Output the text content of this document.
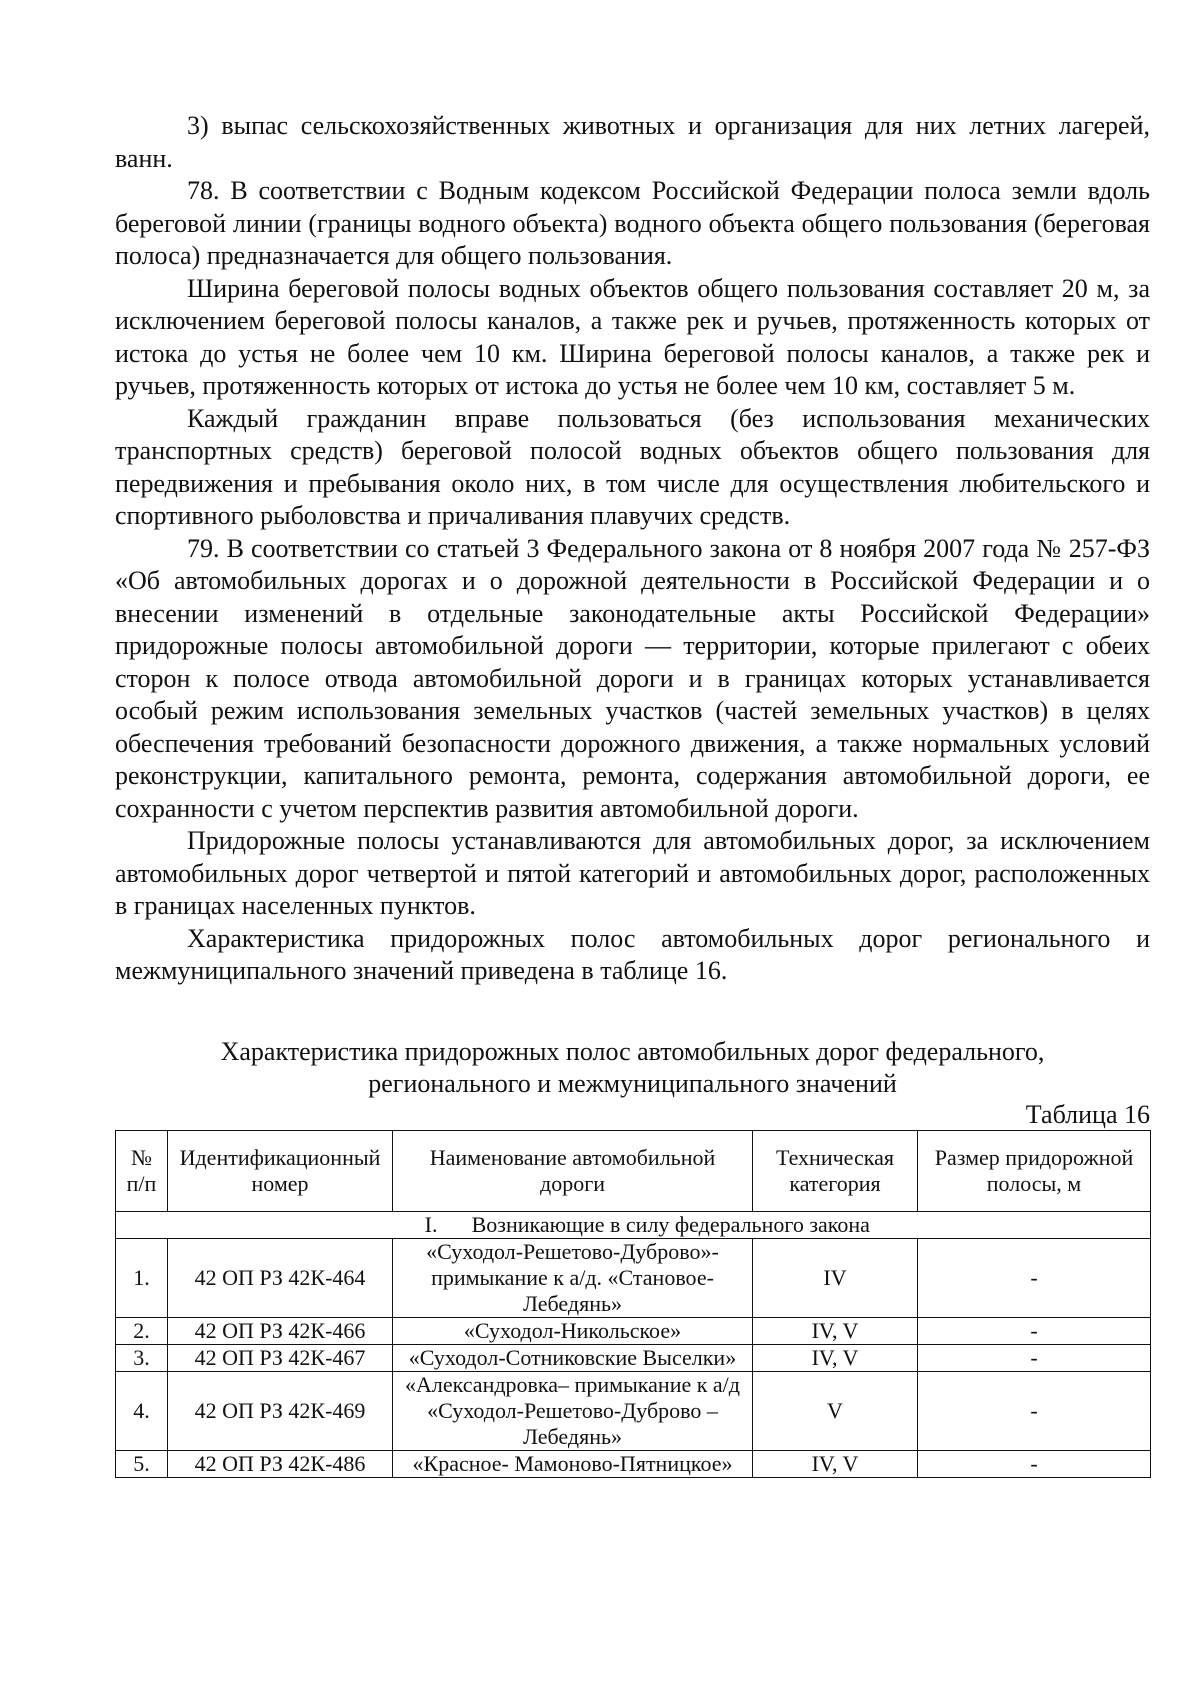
3) выпас сельскохозяйственных животных и организация для них летних лагерей, ванн.

78. В соответствии с Водным кодексом Российской Федерации полоса земли вдоль береговой линии (границы водного объекта) водного объекта общего пользования (береговая полоса) предназначается для общего пользования.

Ширина береговой полосы водных объектов общего пользования составляет 20 м, за исключением береговой полосы каналов, а также рек и ручьев, протяженность которых от истока до устья не более чем 10 км. Ширина береговой полосы каналов, а также рек и ручьев, протяженность которых от истока до устья не более чем 10 км, составляет 5 м.

Каждый гражданин вправе пользоваться (без использования механических транспортных средств) береговой полосой водных объектов общего пользования для передвижения и пребывания около них, в том числе для осуществления любительского и спортивного рыболовства и причаливания плавучих средств.

79. В соответствии со статьей 3 Федерального закона от 8 ноября 2007 года № 257-ФЗ «Об автомобильных дорогах и о дорожной деятельности в Российской Федерации и о внесении изменений в отдельные законодательные акты Российской Федерации» придорожные полосы автомобильной дороги — территории, которые прилегают с обеих сторон к полосе отвода автомобильной дороги и в границах которых устанавливается особый режим использования земельных участков (частей земельных участков) в целях обеспечения требований безопасности дорожного движения, а также нормальных условий реконструкции, капитального ремонта, ремонта, содержания автомобильной дороги, ее сохранности с учетом перспектив развития автомобильной дороги.

Придорожные полосы устанавливаются для автомобильных дорог, за исключением автомобильных дорог четвертой и пятой категорий и автомобильных дорог, расположенных в границах населенных пунктов.

Характеристика придорожных полос автомобильных дорог регионального и межмуниципального значений приведена в таблице 16.

Характеристика придорожных полос автомобильных дорог федерального, регионального и межмуниципального значений
Таблица 16
№ п/п	Идентификационный номер	Наименование автомобильной дороги	Техническая категория	Размер придорожной полосы, м
I. Возникающие в силу федерального закона				
1.	42 ОП РЗ 42К-464	«Суходол-Решетово-Дуброво»-примыкание к а/д. «Становое-Лебедянь»	IV	-
2.	42 ОП РЗ 42К-466	«Суходол-Никольское»	IV, V	-
3.	42 ОП РЗ 42К-467	«Суходол-Сотниковские Выселки»	IV, V	-
4.	42 ОП РЗ 42К-469	«Александровка– примыкание к а/д «Суходол-Решетово-Дуброво – Лебедянь»	V	-
5.	42 ОП РЗ 42К-486	«Красное- Мамоново-Пятницкое»	IV, V	-
